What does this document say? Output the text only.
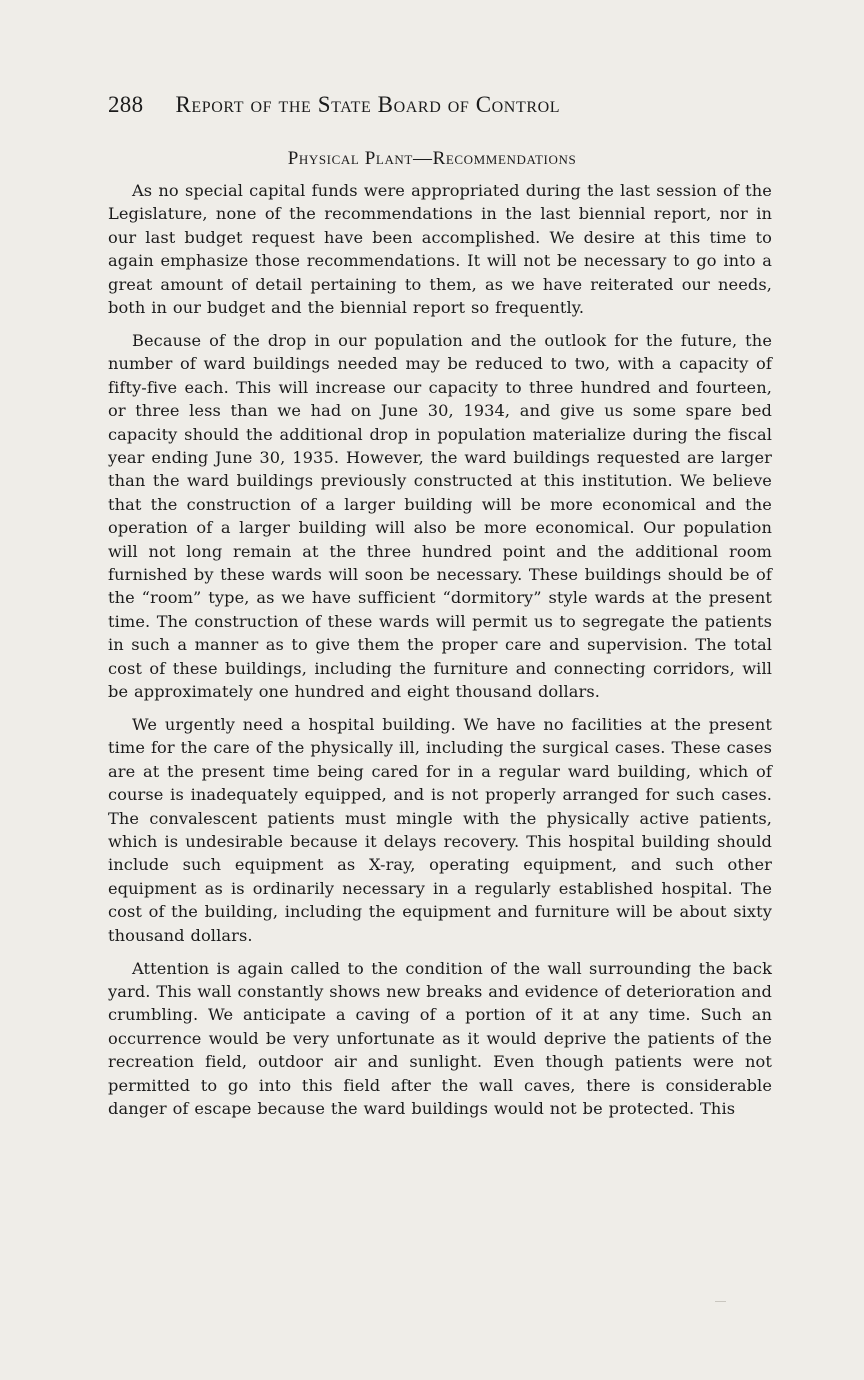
288 Report of the State Board of Control
Physical Plant—Recommendations

As no special capital funds were appropriated during the last session of the Legislature, none of the recommendations in the last biennial report, nor in our last budget request have been accomplished. We desire at this time to again emphasize those recommendations. It will not be necessary to go into a great amount of detail pertaining to them, as we have reiterated our needs, both in our budget and the biennial report so frequently.

Because of the drop in our population and the outlook for the future, the number of ward buildings needed may be reduced to two, with a capacity of fifty-five each. This will increase our capacity to three hundred and fourteen, or three less than we had on June 30, 1934, and give us some spare bed capacity should the additional drop in population materialize during the fiscal year ending June 30, 1935. However, the ward buildings requested are larger than the ward buildings previously constructed at this institution. We believe that the construction of a larger building will be more economical and the operation of a larger building will also be more economical. Our population will not long remain at the three hundred point and the additional room furnished by these wards will soon be necessary. These buildings should be of the “room” type, as we have sufficient “dormitory” style wards at the present time. The construction of these wards will permit us to segregate the patients in such a manner as to give them the proper care and supervision. The total cost of these buildings, including the furniture and connecting corridors, will be approximately one hundred and eight thousand dollars.

We urgently need a hospital building. We have no facilities at the present time for the care of the physically ill, including the surgical cases. These cases are at the present time being cared for in a regular ward building, which of course is inadequately equipped, and is not properly arranged for such cases. The convalescent patients must mingle with the physically active patients, which is undesirable because it delays recovery. This hospital building should include such equipment as X-ray, operating equipment, and such other equipment as is ordinarily necessary in a regularly established hospital. The cost of the building, including the equipment and furniture will be about sixty thousand dollars.

Attention is again called to the condition of the wall surrounding the back yard. This wall constantly shows new breaks and evidence of deterioration and crumbling. We anticipate a caving of a portion of it at any time. Such an occurrence would be very unfortunate as it would deprive the patients of the recreation field, outdoor air and sunlight. Even though patients were not permitted to go into this field after the wall caves, there is considerable danger of escape because the ward buildings would not be protected. This
